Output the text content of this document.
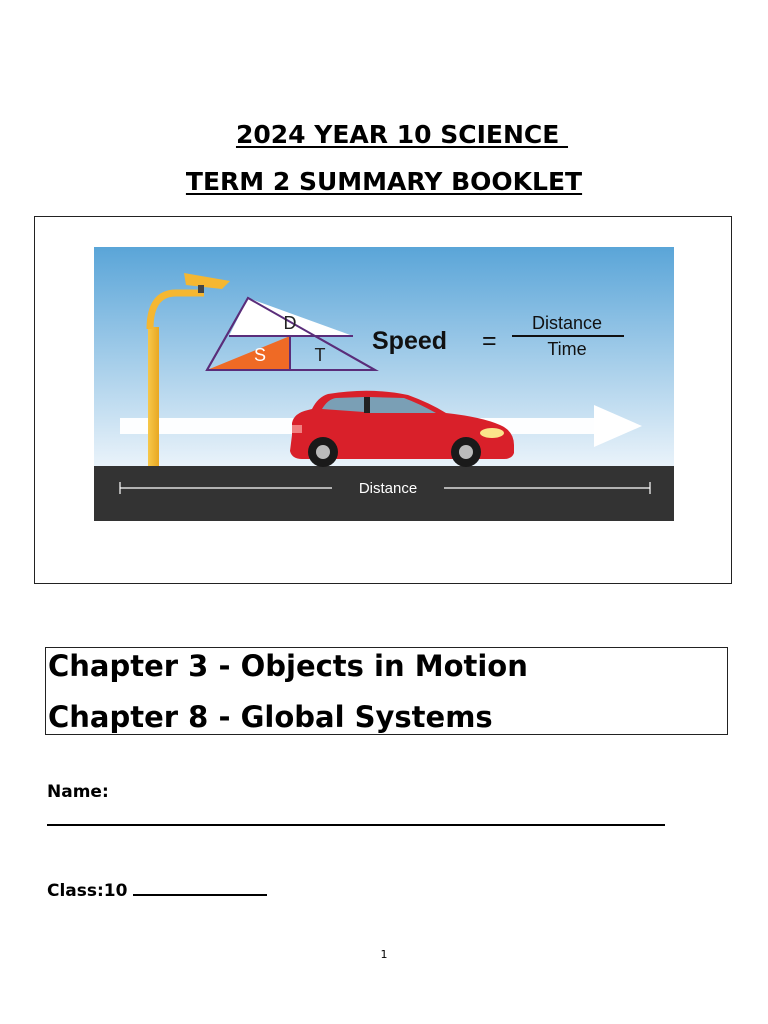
2024 YEAR 10 SCIENCE
TERM 2 SUMMARY BOOKLET
Distance
D
S	T Speed =
Distance
Time
Chapter 3 - Objects in Motion
Chapter 8 - Global Systems
Name:
Class:10
1
